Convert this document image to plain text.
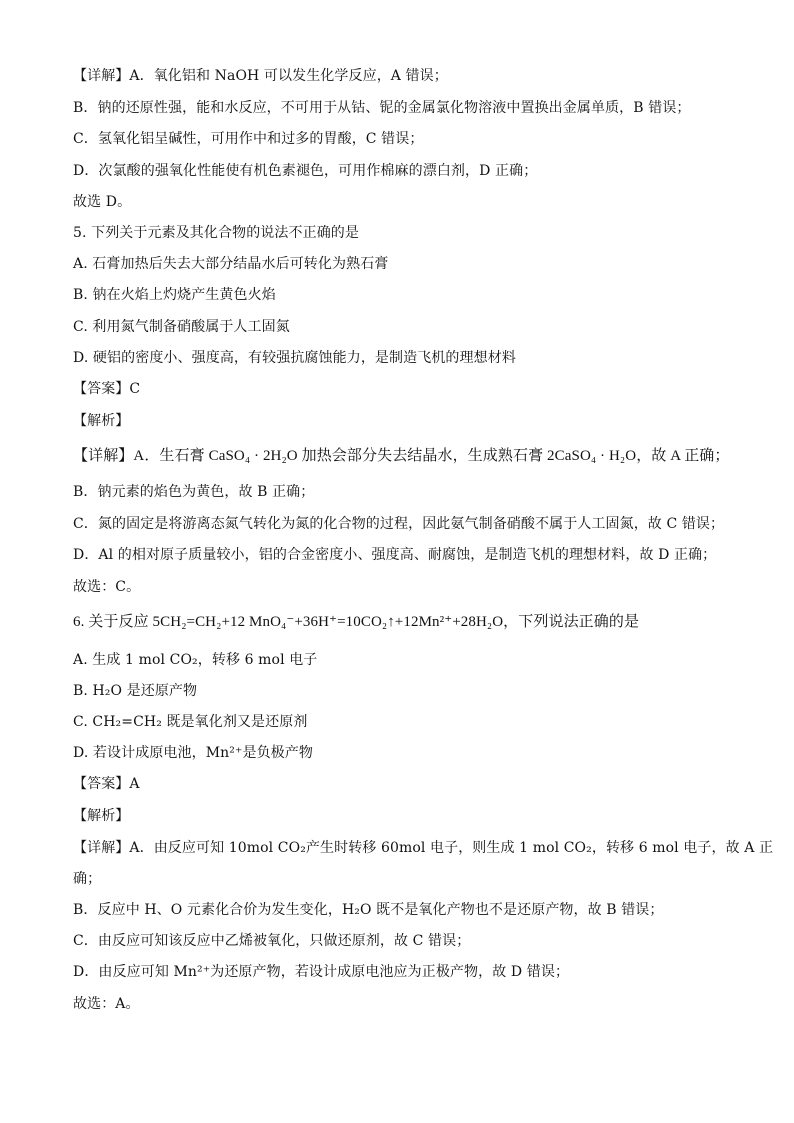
【详解】A．氧化铝和 NaOH 可以发生化学反应，A 错误；
B．钠的还原性强，能和水反应，不可用于从钴、铌的金属氯化物溶液中置换出金属单质，B 错误；
C．氢氧化铝呈碱性，可用作中和过多的胃酸，C 错误；
D．次氯酸的强氧化性能使有机色素褪色，可用作棉麻的漂白剂，D 正确；
故选 D。
5. 下列关于元素及其化合物的说法不正确的是
A. 石膏加热后失去大部分结晶水后可转化为熟石膏
B. 钠在火焰上灼烧产生黄色火焰
C. 利用氮气制备硝酸属于人工固氮
D. 硬铝的密度小、强度高，有较强抗腐蚀能力，是制造飞机的理想材料
【答案】C
【解析】
【详解】A．生石膏 CaSO₄ · 2H₂O 加热会部分失去结晶水，生成熟石膏 2CaSO₄ · H₂O，故 A 正确；
B．钠元素的焰色为黄色，故 B 正确；
C．氮的固定是将游离态氮气转化为氮的化合物的过程，因此氨气制备硝酸不属于人工固氮，故 C 错误；
D．Al 的相对原子质量较小，铝的合金密度小、强度高、耐腐蚀，是制造飞机的理想材料，故 D 正确；
故选：C。
6. 关于反应 5CH₂=CH₂+12 MnO₄⁻+36H⁺=10CO₂↑+12Mn²⁺+28H₂O，下列说法正确的是
A. 生成 1 mol CO₂，转移 6 mol 电子
B. H₂O 是还原产物
C. CH₂=CH₂ 既是氧化剂又是还原剂
D. 若设计成原电池，Mn²⁺是负极产物
【答案】A
【解析】
【详解】A．由反应可知 10mol CO₂产生时转移 60mol 电子，则生成 1 mol CO₂，转移 6 mol 电子，故 A 正
确；
B．反应中 H、O 元素化合价为发生变化，H₂O 既不是氧化产物也不是还原产物，故 B 错误；
C．由反应可知该反应中乙烯被氧化，只做还原剂，故 C 错误；
D．由反应可知 Mn²⁺为还原产物，若设计成原电池应为正极产物，故 D 错误；
故选：A。
